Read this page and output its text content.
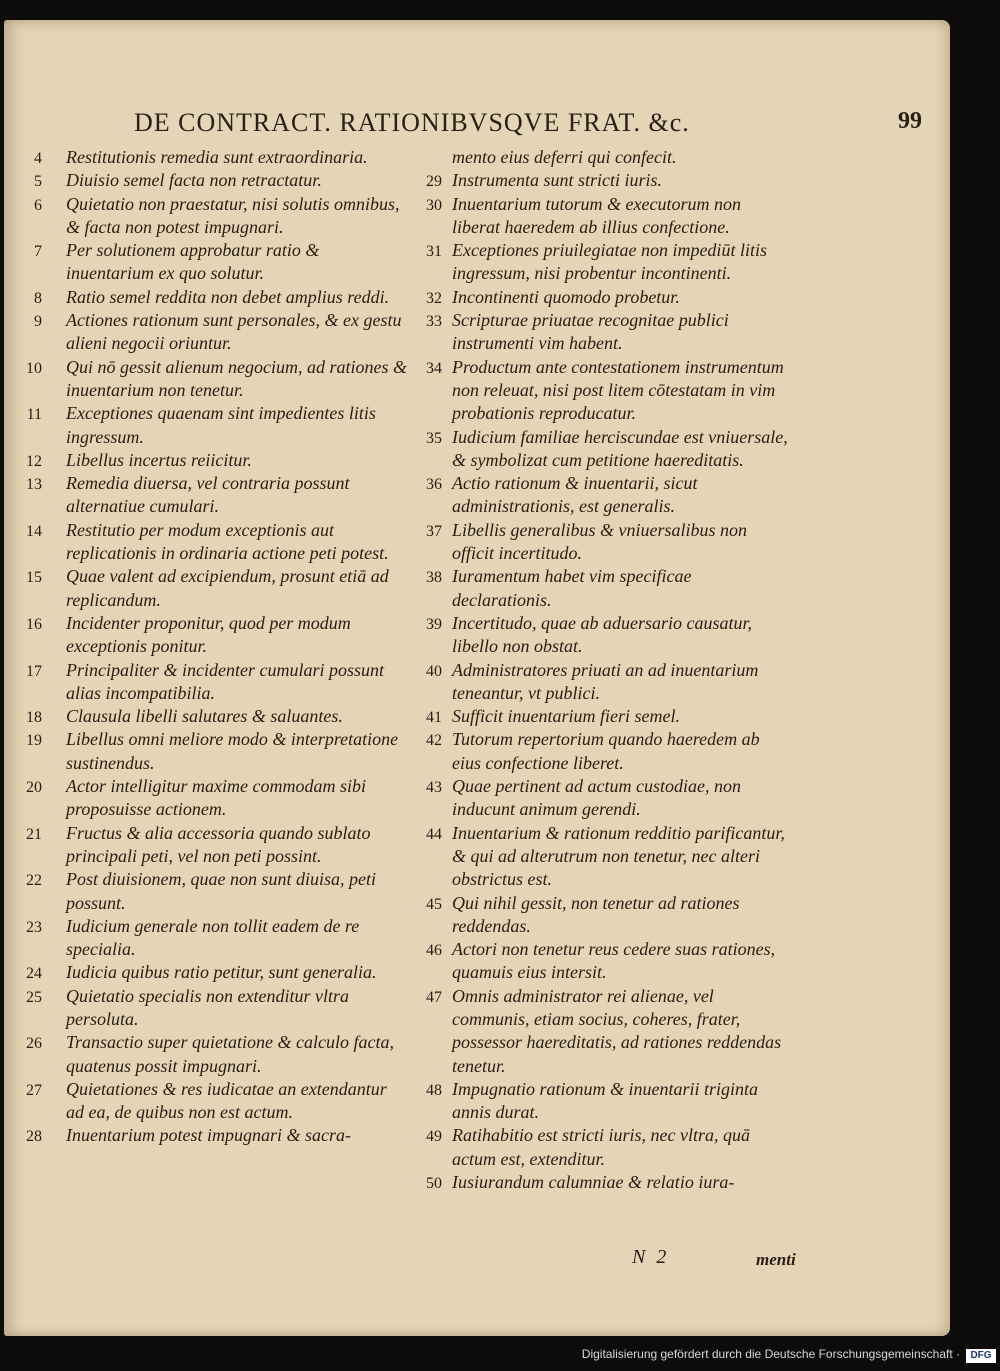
DE CONTRACT. RATIONIBVSQVE FRAT. &c.	99
4 Restitutionis remedia sunt extraordinaria.
5 Diuisio semel facta non retractatur.
6 Quietatio non praestatur, nisi solutis omnibus, & facta non potest impugnari.
7 Per solutionem approbatur ratio & inuentarium ex quo solutur.
8 Ratio semel reddita non debet amplius reddi.
9 Actiones rationum sunt personales, & ex gestu alieni negocii oriuntur.
10 Qui nō gessit alienum negocium, ad rationes & inuentarium non tenetur.
11 Exceptiones quaenam sint impedientes litis ingressum.
12 Libellus incertus reiicitur.
13 Remedia diuersa, vel contraria possunt alternatiue cumulari.
14 Restitutio per modum exceptionis aut replicationis in ordinaria actione peti potest.
15 Quae valent ad excipiendum, prosunt etiā ad replicandum.
16 Incidenter proponitur, quod per modum exceptionis ponitur.
17 Principaliter & incidenter cumulari possunt alias incompatibilia.
18 Clausula libelli salutares & saluantes.
19 Libellus omni meliore modo & interpretatione sustinendus.
20 Actor intelligitur maxime commodam sibi proposuisse actionem.
21 Fructus & alia accessoria quando sublato principali peti, vel non peti possint.
22 Post diuisionem, quae non sunt diuisa, peti possunt.
23 Iudicium generale non tollit eadem de re specialia.
24 Iudicia quibus ratio petitur, sunt generalia.
25 Quietatio specialis non extenditur vltra persoluta.
26 Transactio super quietatione & calculo facta, quatenus possit impugnari.
27 Quietationes & res iudicatae an extendantur ad ea, de quibus non est actum.
28 Inuentarium potest impugnari & sacra-
mento eius deferri qui confecit.
29 Instrumenta sunt stricti iuris.
30 Inuentarium tutorum & executorum non liberat haeredem ab illius confectione.
31 Exceptiones priuilegiatae non impediūt litis ingressum, nisi probentur incontinenti.
32 Incontinenti quomodo probetur.
33 Scripturae priuatae recognitae publici instrumenti vim habent.
34 Productum ante contestationem instrumentum non releuat, nisi post litem cōtestatam in vim probationis reproducatur.
35 Iudicium familiae herciscundae est vniuersale, & symbolizat cum petitione haereditatis.
36 Actio rationum & inuentarii, sicut administrationis, est generalis.
37 Libellis generalibus & vniuersalibus non officit incertitudo.
38 Iuramentum habet vim specificae declarationis.
39 Incertitudo, quae ab aduersario causatur, libello non obstat.
40 Administratores priuati an ad inuentarium teneantur, vt publici.
41 Sufficit inuentarium fieri semel.
42 Tutorum repertorium quando haeredem ab eius confectione liberet.
43 Quae pertinent ad actum custodiae, non inducunt animum gerendi.
44 Inuentarium & rationum redditio parificantur, & qui ad alterutrum non tenetur, nec alteri obstrictus est.
45 Qui nihil gessit, non tenetur ad rationes reddendas.
46 Actori non tenetur reus cedere suas rationes, quamuis eius intersit.
47 Omnis administrator rei alienae, vel communis, etiam socius, coheres, frater, possessor haereditatis, ad rationes reddendas tenetur.
48 Impugnatio rationum & inuentarii triginta annis durat.
49 Ratihabitio est stricti iuris, nec vltra, quā actum est, extenditur.
50 Iusiurandum calumniae & relatio iura-
N 2	menti
Digitalisierung gefördert durch die Deutsche Forschungsgemeinschaft ·	DFG
